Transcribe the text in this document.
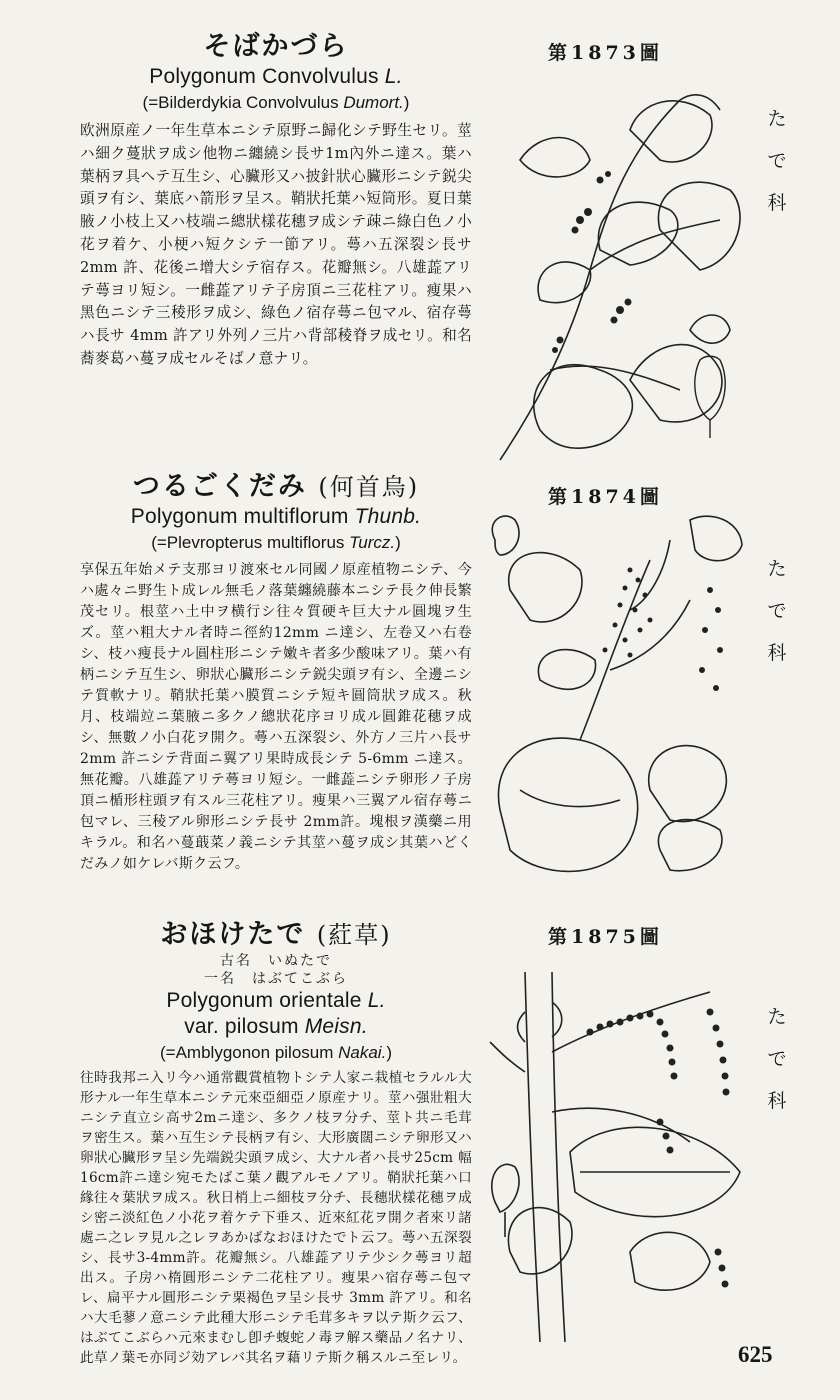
そばかづら
Polygonum Convolvulus L.
(=Bilderdykia Convolvulus Dumort.)
欧洲原産ノ一年生草本ニシテ原野ニ歸化シテ野生セリ。莖ハ細ク蔓狀ヲ成シ他物ニ纏繞シ長サ1m內外ニ達ス。葉ハ葉柄ヲ具ヘテ互生シ、心臟形又ハ披針狀心臟形ニシテ鋭尖頭ヲ有シ、葉底ハ箭形ヲ呈ス。鞘狀托葉ハ短筒形。夏日葉腋ノ小枝上又ハ枝端ニ總狀樣花穗ヲ成シテ疎ニ綠白色ノ小花ヲ着ケ、小梗ハ短クシテ一節アリ。蕚ハ五深裂シ長サ 2mm 許、花後ニ增大シテ宿存ス。花瓣無シ。八雄蕋アリテ蕚ヨリ短シ。一雌蕋アリテ子房頂ニ三花柱アリ。痩果ハ黑色ニシテ三稜形ヲ成シ、綠色ノ宿存蕚ニ包マル、宿存蕚ハ長サ 4mm 許アリ外列ノ三片ハ背部稜脊ヲ成セリ。和名 蕎麥葛ハ蔓ヲ成セルそばノ意ナリ。
第1873圖
たで科
つるごくだみ (何首烏)
Polygonum multiflorum Thunb.
(=Plevropterus multiflorus Turcz.)
享保五年始メテ支那ヨリ渡來セル同國ノ原産植物ニシテ、今ハ處々ニ野生ト成レル無毛ノ落葉纏繞藤本ニシテ長ク伸長繁茂セリ。根莖ハ土中ヲ横行シ往々質硬キ巨大ナル圓塊ヲ生ズ。莖ハ粗大ナル者時ニ徑約12mm ニ達シ、左卷又ハ右卷シ、枝ハ痩長ナル圓柱形ニシテ嫩キ者多少酸味アリ。葉ハ有柄ニシテ互生シ、卵狀心臟形ニシテ鋭尖頭ヲ有シ、全邊ニシテ質軟ナリ。鞘狀托葉ハ膜質ニシテ短キ圓筒狀ヲ成ス。秋月、枝端竝ニ葉腋ニ多クノ總狀花序ヨリ成ル圓錐花穗ヲ成シ、無數ノ小白花ヲ開ク。蕚ハ五深裂シ、外方ノ三片ハ長サ 2mm 許ニシテ背面ニ翼アリ果時成長シテ 5-6mm ニ達ス。無花瓣。八雄蕋アリテ蕚ヨリ短シ。一雌蕋ニシテ卵形ノ子房頂ニ楯形柱頭ヲ有スル三花柱アリ。痩果ハ三翼アル宿存蕚ニ包マレ、三稜アル卵形ニシテ長サ 2mm許。塊根ヲ漢藥ニ用キラル。和名ハ蔓蕺菜ノ義ニシテ其莖ハ蔓ヲ成シ其葉ハどくだみノ如ケレバ斯ク云フ。
第1874圖
たで科
おほけたで (葒草)
古名　いぬたで
一名　はぶてこぶら
Polygonum orientale L.
var. pilosum Meisn.
(=Amblygonon pilosum Nakai.)
往時我邦ニ入リ今ハ通常觀賞植物トシテ人家ニ栽植セラルル大形ナル一年生草本ニシテ元來亞細亞ノ原産ナリ。莖ハ强壯粗大ニシテ直立シ高サ2mニ達シ、多クノ枝ヲ分チ、莖ト共ニ毛茸ヲ密生ス。葉ハ互生シテ長柄ヲ有シ、大形廣闊ニシテ卵形又ハ卵狀心臟形ヲ呈シ先端鋭尖頭ヲ成シ、大ナル者ハ長サ25cm 幅16cm許ニ達シ宛モたばこ葉ノ觀アルモノアリ。鞘狀托葉ハ口緣往々葉狀ヲ成ス。秋日梢上ニ細枝ヲ分チ、長穗狀樣花穗ヲ成シ密ニ淡紅色ノ小花ヲ着ケテ下垂ス、近來紅花ヲ開ク者來リ諸處ニ之レヲ見ル之レヲあかばなおほけたでト云フ。蕚ハ五深裂シ、長サ3-4mm許。花瓣無シ。八雄蕋アリテ少シク蕚ヨリ超出ス。子房ハ楕圓形ニシテ二花柱アリ。痩果ハ宿存蕚ニ包マレ、扁平ナル圓形ニシテ栗褐色ヲ呈シ長サ 3mm 許アリ。和名ハ大毛蓼ノ意ニシテ此種大形ニシテ毛茸多キヲ以テ斯ク云フ、はぶてこぶらハ元來まむし卽チ蝮蛇ノ毒ヲ解ス藥品ノ名ナリ、此草ノ葉モ亦同ジ効アレバ其名ヲ藉リテ斯ク稱スルニ至レリ。
第1875圖
たで科
625
